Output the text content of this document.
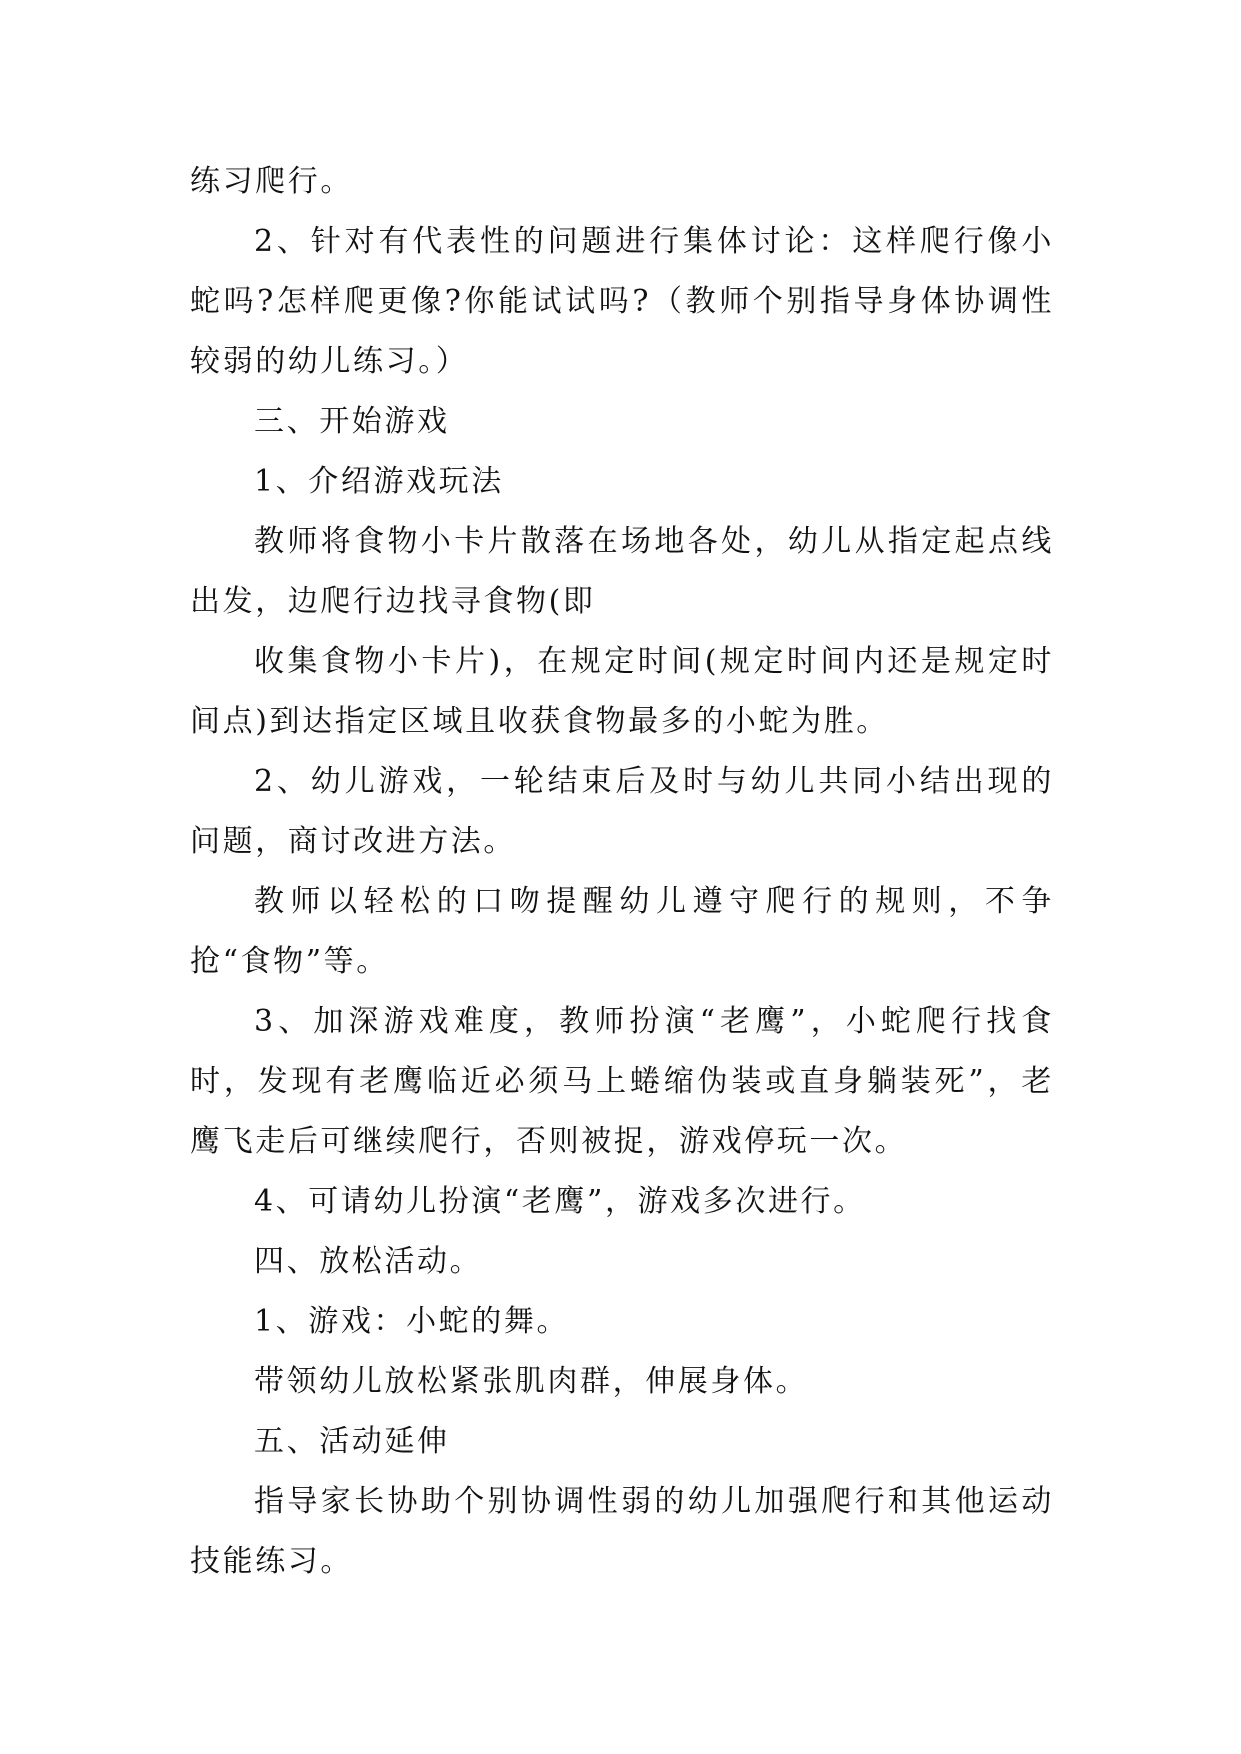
练习爬行。

2、针对有代表性的问题进行集体讨论：这样爬行像小蛇吗?怎样爬更像?你能试试吗?（教师个别指导身体协调性较弱的幼儿练习。）

三、开始游戏

1、介绍游戏玩法

教师将食物小卡片散落在场地各处，幼儿从指定起点线出发，边爬行边找寻食物(即

收集食物小卡片)，在规定时间(规定时间内还是规定时间点)到达指定区域且收获食物最多的小蛇为胜。

2、幼儿游戏，一轮结束后及时与幼儿共同小结出现的问题，商讨改进方法。

教师以轻松的口吻提醒幼儿遵守爬行的规则，不争抢“食物”等。

3、加深游戏难度，教师扮演“老鹰”，小蛇爬行找食时，发现有老鹰临近必须马上蜷缩伪装或直身躺装死”，老鹰飞走后可继续爬行，否则被捉，游戏停玩一次。

4、可请幼儿扮演“老鹰”，游戏多次进行。

四、放松活动。

1、游戏：小蛇的舞。

带领幼儿放松紧张肌肉群，伸展身体。

五、活动延伸

指导家长协助个别协调性弱的幼儿加强爬行和其他运动技能练习。
